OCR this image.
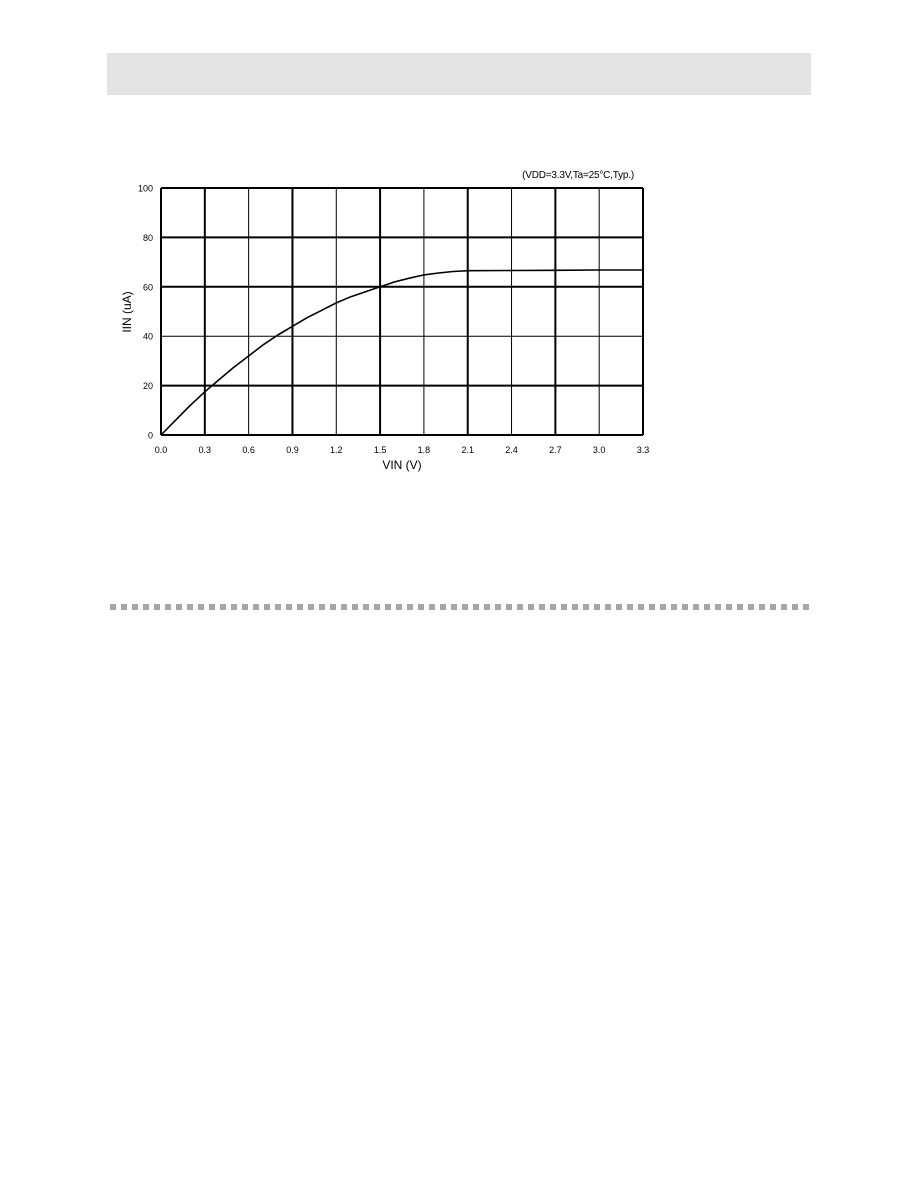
0.0	0.3	0.6	0.9	1.2	1.5	1.8	2.1	2.4	2.7	3.0	3.3
0
20
40
60
80
100
VIN (V)
IIN (uA)
(VDD=3.3V,Ta=25°C,Typ.)
